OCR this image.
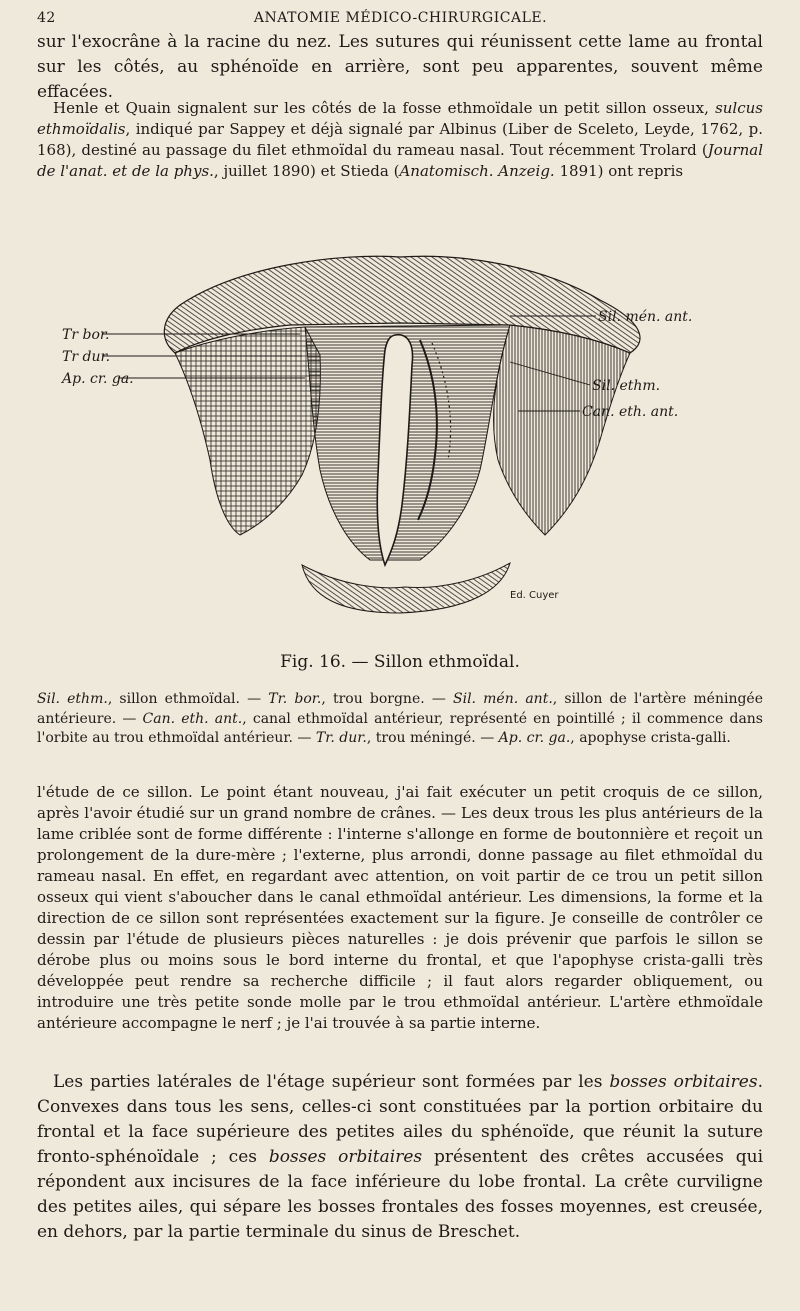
42	ANATOMIE MÉDICO-CHIRURGICALE.

sur l'exocrâne à la racine du nez. Les sutures qui réunissent cette lame au frontal sur les côtés, au sphénoïde en arrière, sont peu apparentes, souvent même effacées.

Henle et Quain signalent sur les côtés de la fosse ethmoïdale un petit sillon osseux, sulcus ethmoïdalis, indiqué par Sappey et déjà signalé par Albinus (Liber de Sceleto, Leyde, 1762, p. 168), destiné au passage du filet ethmoïdal du rameau nasal. Tout récemment Trolard (Journal de l'anat. et de la phys., juillet 1890) et Stieda (Anatomisch. Anzeig. 1891) ont repris

Tr bor.
Tr dur.
Ap. cr. ga.
Sil. mén. ant.
Sil. ethm.
Can. eth. ant.
Ed. Cuyer
Fig. 16. — Sillon ethmoïdal.

Sil. ethm., sillon ethmoïdal. — Tr. bor., trou borgne. — Sil. mén. ant., sillon de l'artère méningée antérieure. — Can. eth. ant., canal ethmoïdal antérieur, représenté en pointillé ; il commence dans l'orbite au trou ethmoïdal antérieur. — Tr. dur., trou méningé. — Ap. cr. ga., apophyse crista-galli.

l'étude de ce sillon. Le point étant nouveau, j'ai fait exécuter un petit croquis de ce sillon, après l'avoir étudié sur un grand nombre de crânes. — Les deux trous les plus antérieurs de la lame criblée sont de forme différente : l'interne s'allonge en forme de boutonnière et reçoit un prolongement de la dure-mère ; l'externe, plus arrondi, donne passage au filet ethmoïdal du rameau nasal. En effet, en regardant avec attention, on voit partir de ce trou un petit sillon osseux qui vient s'aboucher dans le canal ethmoïdal antérieur. Les dimensions, la forme et la direction de ce sillon sont représentées exactement sur la figure. Je conseille de contrôler ce dessin par l'étude de plusieurs pièces naturelles : je dois prévenir que parfois le sillon se dérobe plus ou moins sous le bord interne du frontal, et que l'apophyse crista-galli très développée peut rendre sa recherche difficile ; il faut alors regarder obliquement, ou introduire une très petite sonde molle par le trou ethmoïdal antérieur. L'artère ethmoïdale antérieure accompagne le nerf ; je l'ai trouvée à sa partie interne.

Les parties latérales de l'étage supérieur sont formées par les bosses orbitaires. Convexes dans tous les sens, celles-ci sont constituées par la portion orbitaire du frontal et la face supérieure des petites ailes du sphénoïde, que réunit la suture fronto-sphénoïdale ; ces bosses orbitaires présentent des crêtes accusées qui répondent aux incisures de la face inférieure du lobe frontal. La crête curviligne des petites ailes, qui sépare les bosses frontales des fosses moyennes, est creusée, en dehors, par la partie terminale du sinus de Breschet.
